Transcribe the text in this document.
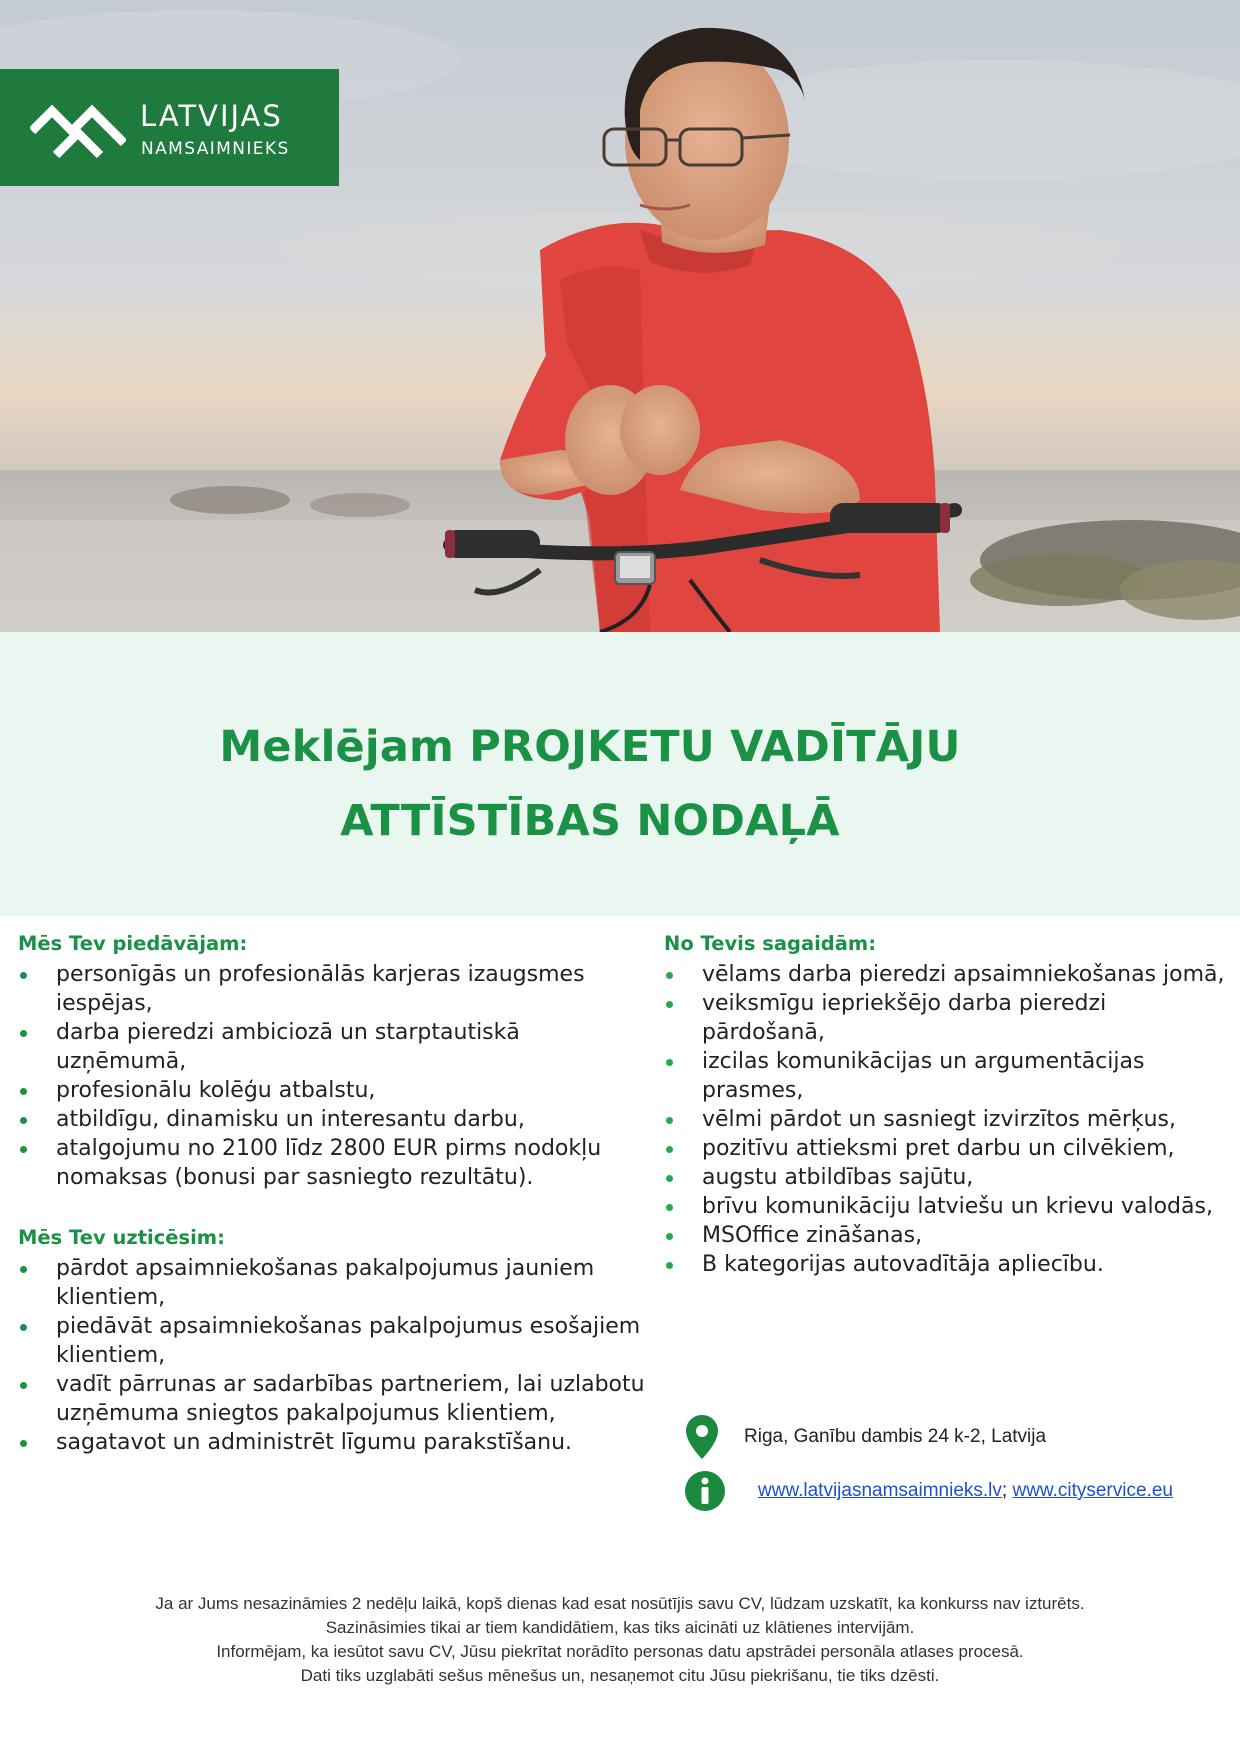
LATVIJAS
NAMSAIMNIEKS
Meklējam PROJKETU VADĪTĀJU
ATTĪSTĪBAS NODAĻĀ
Mēs Tev piedāvājam:
personīgās un profesionālās karjeras izaugsmes iespējas,
darba pieredzi ambiciozā un starptautiskā uzņēmumā,
profesionālu kolēģu atbalstu,
atbildīgu, dinamisku un interesantu darbu,
atalgojumu no 2100 līdz 2800 EUR pirms nodokļu nomaksas (bonusi par sasniegto rezultātu).
Mēs Tev uzticēsim:
pārdot apsaimniekošanas pakalpojumus jauniem klientiem,
piedāvāt apsaimniekošanas pakalpojumus esošajiem klientiem,
vadīt pārrunas ar sadarbības partneriem, lai uzlabotu uzņēmuma sniegtos pakalpojumus klientiem,
sagatavot un administrēt līgumu parakstīšanu.
No Tevis sagaidām:
vēlams darba pieredzi apsaimniekošanas jomā,
veiksmīgu iepriekšējo darba pieredzi pārdošanā,
izcilas komunikācijas un argumentācijas prasmes,
vēlmi pārdot un sasniegt izvirzītos mērķus,
pozitīvu attieksmi pret darbu un cilvēkiem,
augstu atbildības sajūtu,
brīvu komunikāciju latviešu un krievu valodās,
MSOffice zināšanas,
B kategorijas autovadītāja apliecību.
Riga, Ganību dambis 24 k-2, Latvija
www.latvijasnamsaimnieks.lv; www.cityservice.eu
Ja ar Jums nesazināmies 2 nedēļu laikā, kopš dienas kad esat nosūtījis savu CV, lūdzam uzskatīt, ka konkurss nav izturēts.
Sazināsimies tikai ar tiem kandidātiem, kas tiks aicināti uz klātienes intervijām.
Informējam, ka iesūtot savu CV, Jūsu piekrītat norādīto personas datu apstrādei personāla atlases procesā.
Dati tiks uzglabāti sešus mēnešus un, nesaņemot citu Jūsu piekrišanu, tie tiks dzēsti.
